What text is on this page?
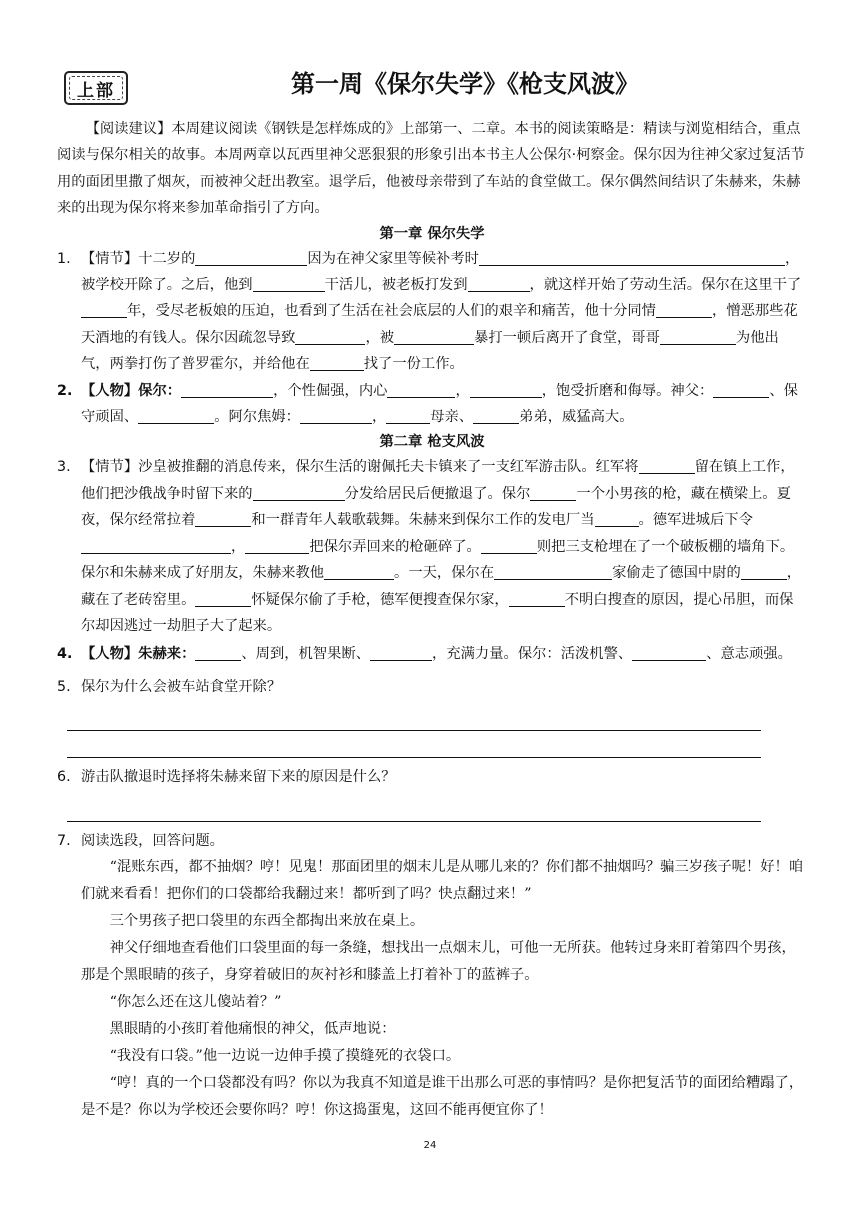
上部	第一周《保尔失学》《枪支风波》

【阅读建议】本周建议阅读《钢铁是怎样炼成的》上部第一、二章。本书的阅读策略是：精读与浏览相结合，重点阅读与保尔相关的故事。本周两章以瓦西里神父恶狠狠的形象引出本书主人公保尔·柯察金。保尔因为往神父家过复活节用的面团里撒了烟灰，而被神父赶出教室。退学后，他被母亲带到了车站的食堂做工。保尔偶然间结识了朱赫来，朱赫来的出现为保尔将来参加革命指引了方向。

第一章 保尔失学

1. 【情节】十二岁的	因为在神父家里等候补考时	，被学校开除了。之后，他到	干活儿，被老板打发到	，就这样开始了劳动生活。保尔在这里干了年，受尽老板娘的压迫，也看到了生活在社会底层的人们的艰辛和痛苦，他十分同情	，憎恶那些花天酒地的有钱人。保尔因疏忽导致	，被	暴打一顿后离开了食堂，哥哥	为他出气，两拳打伤了普罗霍尔，并给他在	找了一份工作。

2. 【人物】保尔：	，个性倔强，内心	，	，饱受折磨和侮辱。神父：	、保守顽固、	。阿尔焦姆：	，	母亲、	弟弟，威猛高大。

第二章 枪支风波

3. 【情节】沙皇被推翻的消息传来，保尔生活的谢佩托夫卡镇来了一支红军游击队。红军将	留在镇上工作，他们把沙俄战争时留下来的	分发给居民后便撤退了。保尔	一个小男孩的枪，藏在横梁上。夏夜，保尔经常拉着	和一群青年人载歌载舞。朱赫来到保尔工作的发电厂当	。德军进城后下令，	把保尔弄回来的枪砸碎了。	则把三支枪埋在了一个破板棚的墙角下。保尔和朱赫来成了好朋友，朱赫来教他	。一天，保尔在	家偷走了德国中尉的	，藏在了老砖窑里。	怀疑保尔偷了手枪，德军便搜查保尔家，	不明白搜查的原因，提心吊胆，而保尔却因逃过一劫胆子大了起来。

4. 【人物】朱赫来：	、周到，机智果断、	，充满力量。保尔：活泼机警、	、意志顽强。

5. 保尔为什么会被车站食堂开除？

6. 游击队撤退时选择将朱赫来留下来的原因是什么？

7. 阅读选段，回答问题。

“混账东西，都不抽烟？哼！见鬼！那面团里的烟末儿是从哪儿来的？你们都不抽烟吗？骗三岁孩子呢！好！咱们就来看看！把你们的口袋都给我翻过来！都听到了吗？快点翻过来！”

三个男孩子把口袋里的东西全都掏出来放在桌上。

神父仔细地查看他们口袋里面的每一条缝，想找出一点烟末儿，可他一无所获。他转过身来盯着第四个男孩，那是个黑眼睛的孩子，身穿着破旧的灰衬衫和膝盖上打着补丁的蓝裤子。

“你怎么还在这儿傻站着？”

黑眼睛的小孩盯着他痛恨的神父，低声地说：

“我没有口袋。”他一边说一边伸手摸了摸缝死的衣袋口。

“哼！真的一个口袋都没有吗？你以为我真不知道是谁干出那么可恶的事情吗？是你把复活节的面团给糟蹋了，是不是？你以为学校还会要你吗？哼！你这捣蛋鬼，这回不能再便宜你了！

24
